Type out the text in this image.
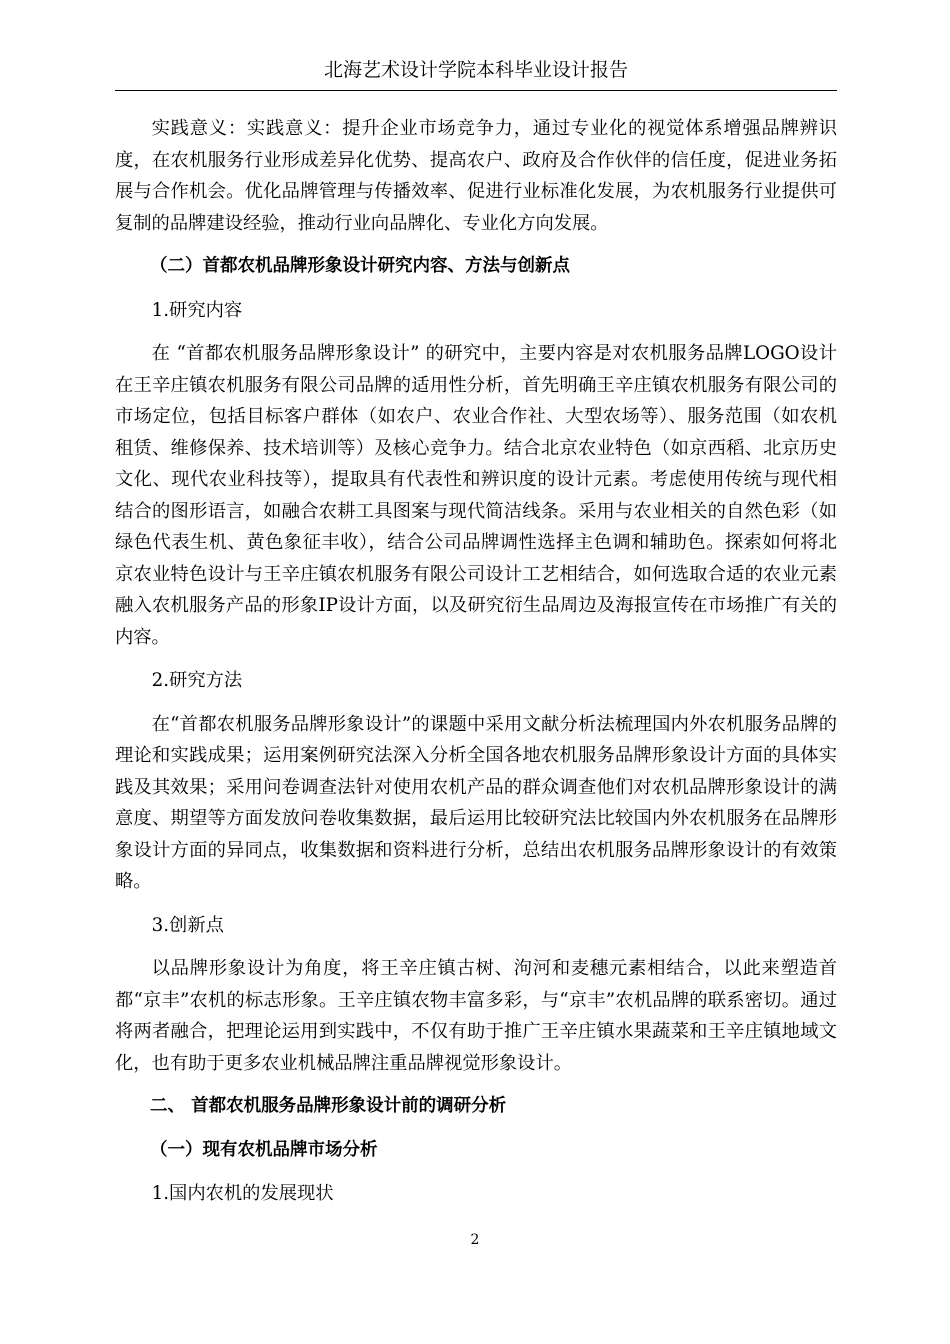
北海艺术设计学院本科毕业设计报告

实践意义：实践意义：提升企业市场竞争力，通过专业化的视觉体系增强品牌辨识度，在农机服务行业形成差异化优势、提高农户、政府及合作伙伴的信任度，促进业务拓展与合作机会。优化品牌管理与传播效率、促进行业标准化发展，为农机服务行业提供可复制的品牌建设经验，推动行业向品牌化、专业化方向发展。

（二）首都农机品牌形象设计研究内容、方法与创新点

1.研究内容

在 “首都农机服务品牌形象设计” 的研究中，主要内容是对农机服务品牌LOGO设计在王辛庄镇农机服务有限公司品牌的适用性分析，首先明确王辛庄镇农机服务有限公司的市场定位，包括目标客户群体（如农户、农业合作社、大型农场等）、服务范围（如农机租赁、维修保养、技术培训等）及核心竞争力。结合北京农业特色（如京西稻、北京历史文化、现代农业科技等），提取具有代表性和辨识度的设计元素。考虑使用传统与现代相结合的图形语言，如融合农耕工具图案与现代简洁线条。采用与农业相关的自然色彩（如绿色代表生机、黄色象征丰收），结合公司品牌调性选择主色调和辅助色。探索如何将北京农业特色设计与王辛庄镇农机服务有限公司设计工艺相结合，如何选取合适的农业元素融入农机服务产品的形象IP设计方面，以及研究衍生品周边及海报宣传在市场推广有关的内容。

2.研究方法

在“首都农机服务品牌形象设计”的课题中采用文献分析法梳理国内外农机服务品牌的理论和实践成果；运用案例研究法深入分析全国各地农机服务品牌形象设计方面的具体实践及其效果；采用问卷调查法针对使用农机产品的群众调查他们对农机品牌形象设计的满意度、期望等方面发放问卷收集数据，最后运用比较研究法比较国内外农机服务在品牌形象设计方面的异同点，收集数据和资料进行分析，总结出农机服务品牌形象设计的有效策略。

3.创新点

以品牌形象设计为角度，将王辛庄镇古树、泃河和麦穗元素相结合，以此来塑造首都“京丰”农机的标志形象。王辛庄镇农物丰富多彩，与“京丰”农机品牌的联系密切。通过将两者融合，把理论运用到实践中，不仅有助于推广王辛庄镇水果蔬菜和王辛庄镇地域文化，也有助于更多农业机械品牌注重品牌视觉形象设计。

二、 首都农机服务品牌形象设计前的调研分析

（一）现有农机品牌市场分析

1.国内农机的发展现状

2
